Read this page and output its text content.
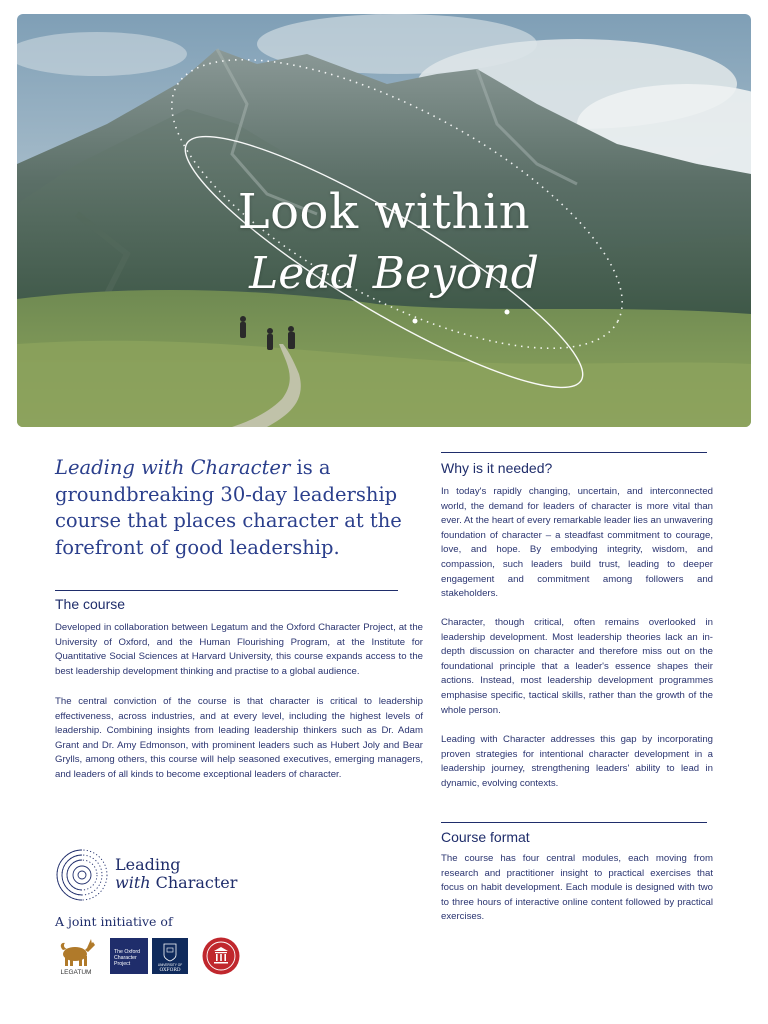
Look within
Lead Beyond

Leading with Character is a groundbreaking 30-day leadership course that places character at the forefront of good leadership.

The course

Developed in collaboration between Legatum and the Oxford Character Project, at the University of Oxford, and the Human Flourishing Program, at the Institute for Quantitative Social Sciences at Harvard University, this course expands access to the best leadership development thinking and practise to a global audience.

The central conviction of the course is that character is critical to leadership effectiveness, across industries, and at every level, including the highest levels of leadership. Combining insights from leading leadership thinkers such as Dr. Adam Grant and Dr. Amy Edmonson, with prominent leaders such as Hubert Joly and Bear Grylls, among others, this course will help seasoned executives, emerging managers, and leaders of all kinds to become exceptional leaders of character.

Why is it needed?

In today's rapidly changing, uncertain, and interconnected world, the demand for leaders of character is more vital than ever. At the heart of every remarkable leader lies an unwavering foundation of character – a steadfast commitment to courage, love, and hope. By embodying integrity, wisdom, and compassion, such leaders build trust, leading to deeper engagement and commitment among followers and stakeholders.

Character, though critical, often remains overlooked in leadership development. Most leadership theories lack an in-depth discussion on character and therefore miss out on the foundational principle that a leader's essence shapes their actions. Instead, most leadership development programmes emphasise specific, tactical skills, rather than the growth of the whole person.

Leading with Character addresses this gap by incorporating proven strategies for intentional character development in a leadership journey, strengthening leaders' ability to lead in dynamic, evolving contexts.

Course format

The course has four central modules, each moving from research and practitioner insight to practical exercises that focus on habit development. Each module is designed with two to three hours of interactive online content followed by practical exercises.

Leading
with Character

A joint initiative of

LEGATUM
The Oxford
Character
Project	UNIVERSITY OF
OXFORD
